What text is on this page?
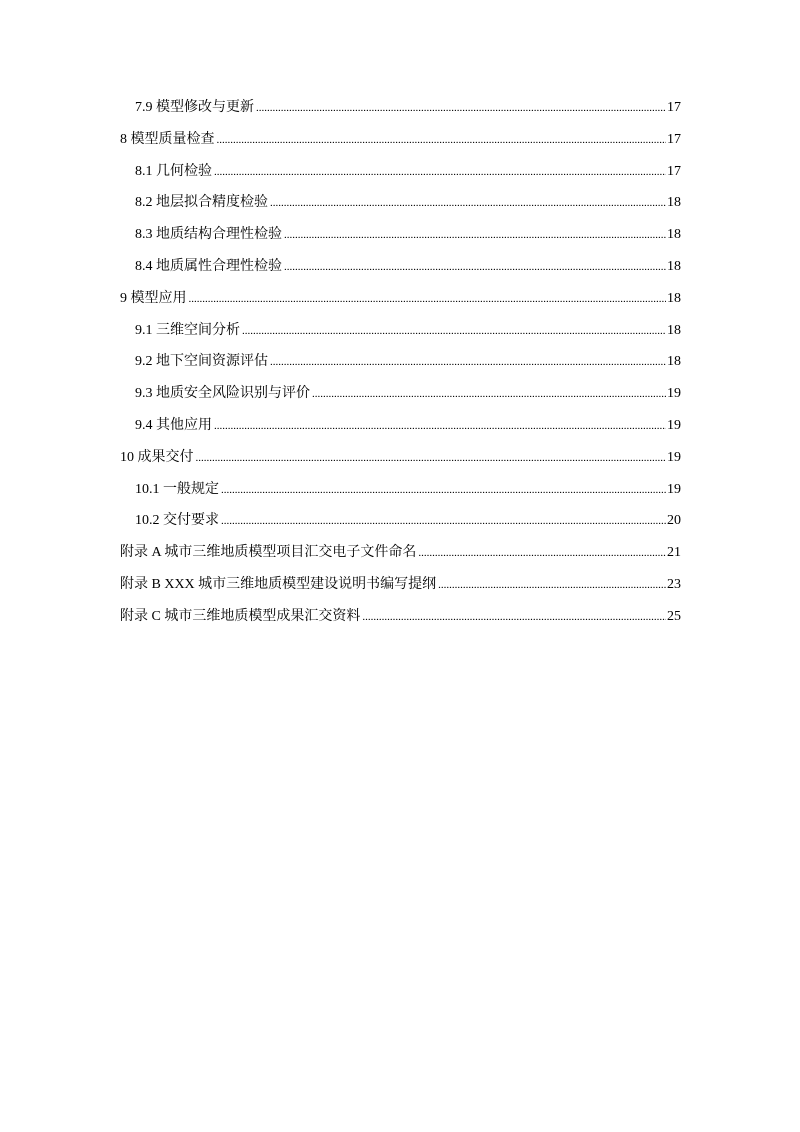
7.9 模型修改与更新 .....	17
8 模型质量检查 .....	17
8.1 几何检验 .....	17
8.2 地层拟合精度检验 .....	18
8.3 地质结构合理性检验 .....	18
8.4 地质属性合理性检验 .....	18
9 模型应用 .....	18
9.1 三维空间分析 .....	18
9.2 地下空间资源评估 .....	18
9.3 地质安全风险识别与评价 .....	19
9.4 其他应用 .....	19
10 成果交付 .....	19
10.1 一般规定 .....	19
10.2 交付要求 .....	20
附录 A 城市三维地质模型项目汇交电子文件命名 .....	21
附录 B XXX 城市三维地质模型建设说明书编写提纲 .....	23
附录 C 城市三维地质模型成果汇交资料 .....	25
